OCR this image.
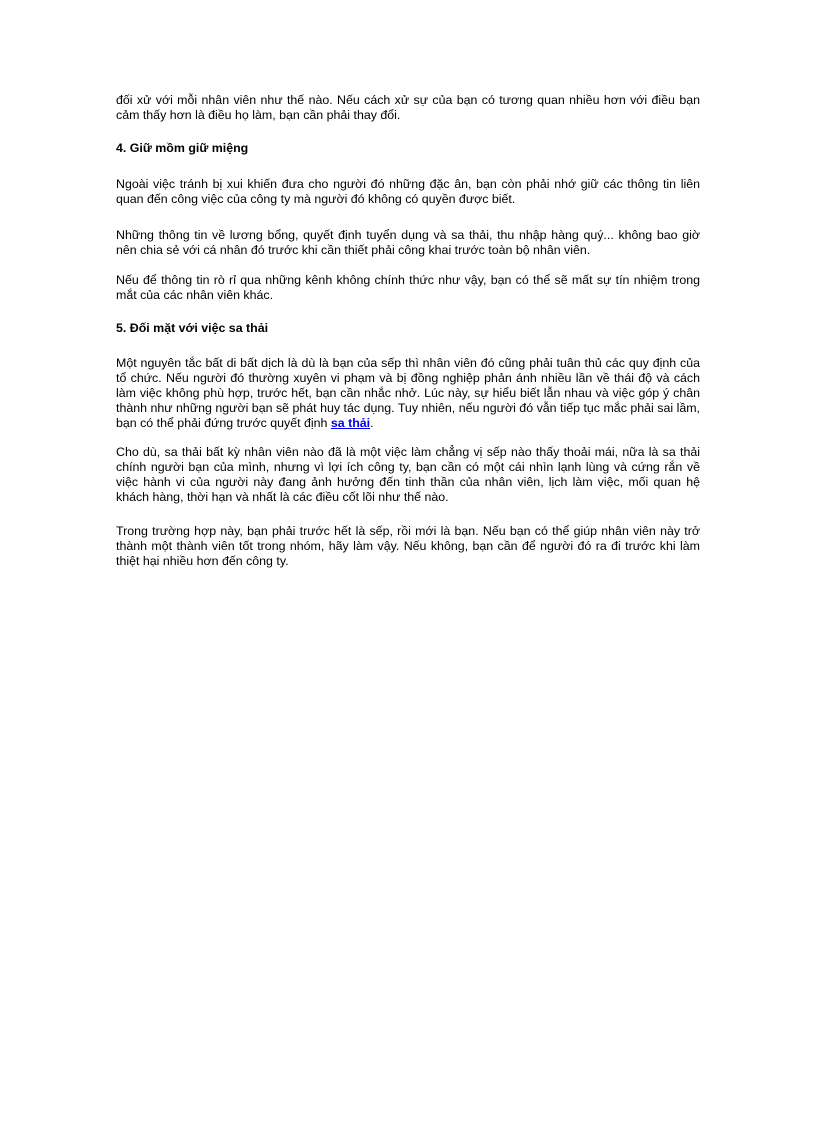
đối xử với mỗi nhân viên như thế nào. Nếu cách xử sự của bạn có tương quan nhiều hơn với điều bạn cảm thấy hơn là điều họ làm, bạn cần phải thay đổi.

4. Giữ mồm giữ miệng

Ngoài việc tránh bị xui khiến đưa cho người đó những đặc ân, bạn còn phải nhớ giữ các thông tin liên quan đến công việc của công ty mà người đó không có quyền được biết.

Những thông tin về lương bổng, quyết định tuyển dụng và sa thải, thu nhập hàng quý... không bao giờ nên chia sẻ với cá nhân đó trước khi cần thiết phải công khai trước toàn bộ nhân viên.

Nếu để thông tin rò rỉ qua những kênh không chính thức như vậy, bạn có thể sẽ mất sự tín nhiệm trong mắt của các nhân viên khác.

5. Đối mặt với việc sa thải

Một nguyên tắc bất di bất dịch là dù là bạn của sếp thì nhân viên đó cũng phải tuân thủ các quy định của tổ chức. Nếu người đó thường xuyên vi phạm và bị đồng nghiệp phản ánh nhiều lần về thái độ và cách làm việc không phù hợp, trước hết, bạn cần nhắc nhở. Lúc này, sự hiểu biết lẫn nhau và việc góp ý chân thành như những người bạn sẽ phát huy tác dụng. Tuy nhiên, nếu người đó vẫn tiếp tục mắc phải sai lầm, bạn có thể phải đứng trước quyết định sa thải.

Cho dù, sa thải bất kỳ nhân viên nào đã là một việc làm chẳng vị sếp nào thấy thoải mái, nữa là sa thải chính người bạn của mình, nhưng vì lợi ích công ty, bạn cần có một cái nhìn lạnh lùng và cứng rắn về việc hành vi của người này đang ảnh hưởng đến tinh thần của nhân viên, lịch làm việc, mối quan hệ khách hàng, thời hạn và nhất là các điều cốt lõi như thế nào.

Trong trường hợp này, bạn phải trước hết là sếp, rồi mới là bạn. Nếu bạn có thể giúp nhân viên này trở thành một thành viên tốt trong nhóm, hãy làm vậy. Nếu không, bạn cần để người đó ra đi trước khi làm thiệt hại nhiều hơn đến công ty.
